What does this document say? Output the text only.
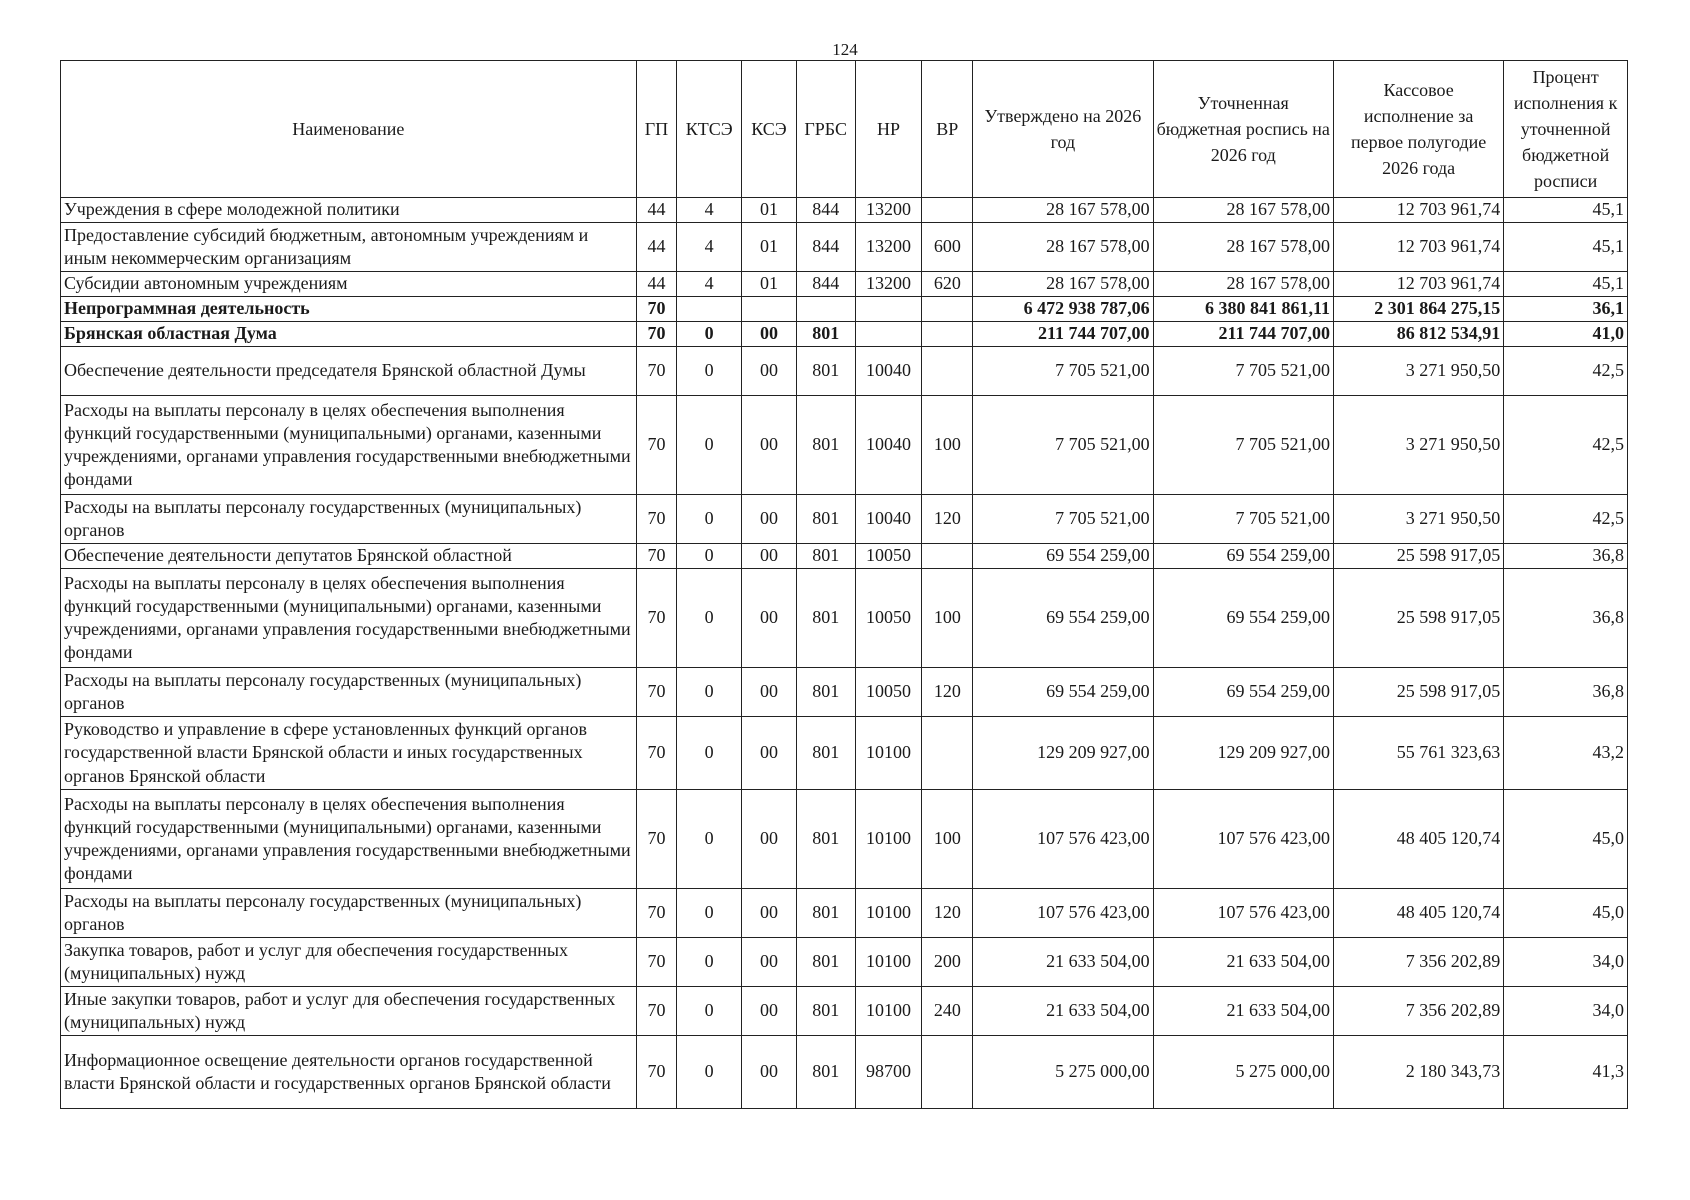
124
Наименование	ГП	КТСЭ	КСЭ	ГРБС	НР	ВР	Утверждено на 2026 год	Уточненная бюджетная роспись на 2026 год	Кассовое исполнение за первое полугодие 2026 года	Процент исполнения к уточненной бюджетной росписи
Учреждения в сфере молодежной политики	44	4	01	844	13200		28 167 578,00	28 167 578,00	12 703 961,74	45,1
Предоставление субсидий бюджетным, автономным учреждениям и иным некоммерческим организациям	44	4	01	844	13200	600	28 167 578,00	28 167 578,00	12 703 961,74	45,1
Субсидии автономным учреждениям	44	4	01	844	13200	620	28 167 578,00	28 167 578,00	12 703 961,74	45,1
Непрограммная деятельность	70						6 472 938 787,06	6 380 841 861,11	2 301 864 275,15	36,1
Брянская областная Дума	70	0	00	801			211 744 707,00	211 744 707,00	86 812 534,91	41,0
Обеспечение деятельности председателя Брянской областной Думы	70	0	00	801	10040		7 705 521,00	7 705 521,00	3 271 950,50	42,5
Расходы на выплаты персоналу в целях обеспечения выполнения функций государственными (муниципальными) органами, казенными учреждениями, органами управления государственными внебюджетными фондами	70	0	00	801	10040	100	7 705 521,00	7 705 521,00	3 271 950,50	42,5
Расходы на выплаты персоналу государственных (муниципальных) органов	70	0	00	801	10040	120	7 705 521,00	7 705 521,00	3 271 950,50	42,5
Обеспечение деятельности депутатов Брянской областной	70	0	00	801	10050		69 554 259,00	69 554 259,00	25 598 917,05	36,8
Расходы на выплаты персоналу в целях обеспечения выполнения функций государственными (муниципальными) органами, казенными учреждениями, органами управления государственными внебюджетными фондами	70	0	00	801	10050	100	69 554 259,00	69 554 259,00	25 598 917,05	36,8
Расходы на выплаты персоналу государственных (муниципальных) органов	70	0	00	801	10050	120	69 554 259,00	69 554 259,00	25 598 917,05	36,8
Руководство и управление в сфере установленных функций органов государственной власти Брянской области и иных государственных органов Брянской области	70	0	00	801	10100		129 209 927,00	129 209 927,00	55 761 323,63	43,2
Расходы на выплаты персоналу в целях обеспечения выполнения функций государственными (муниципальными) органами, казенными учреждениями, органами управления государственными внебюджетными фондами	70	0	00	801	10100	100	107 576 423,00	107 576 423,00	48 405 120,74	45,0
Расходы на выплаты персоналу государственных (муниципальных) органов	70	0	00	801	10100	120	107 576 423,00	107 576 423,00	48 405 120,74	45,0
Закупка товаров, работ и услуг для обеспечения государственных (муниципальных) нужд	70	0	00	801	10100	200	21 633 504,00	21 633 504,00	7 356 202,89	34,0
Иные закупки товаров, работ и услуг для обеспечения государственных (муниципальных) нужд	70	0	00	801	10100	240	21 633 504,00	21 633 504,00	7 356 202,89	34,0
Информационное освещение деятельности органов государственной власти Брянской области и государственных органов Брянской области	70	0	00	801	98700		5 275 000,00	5 275 000,00	2 180 343,73	41,3
